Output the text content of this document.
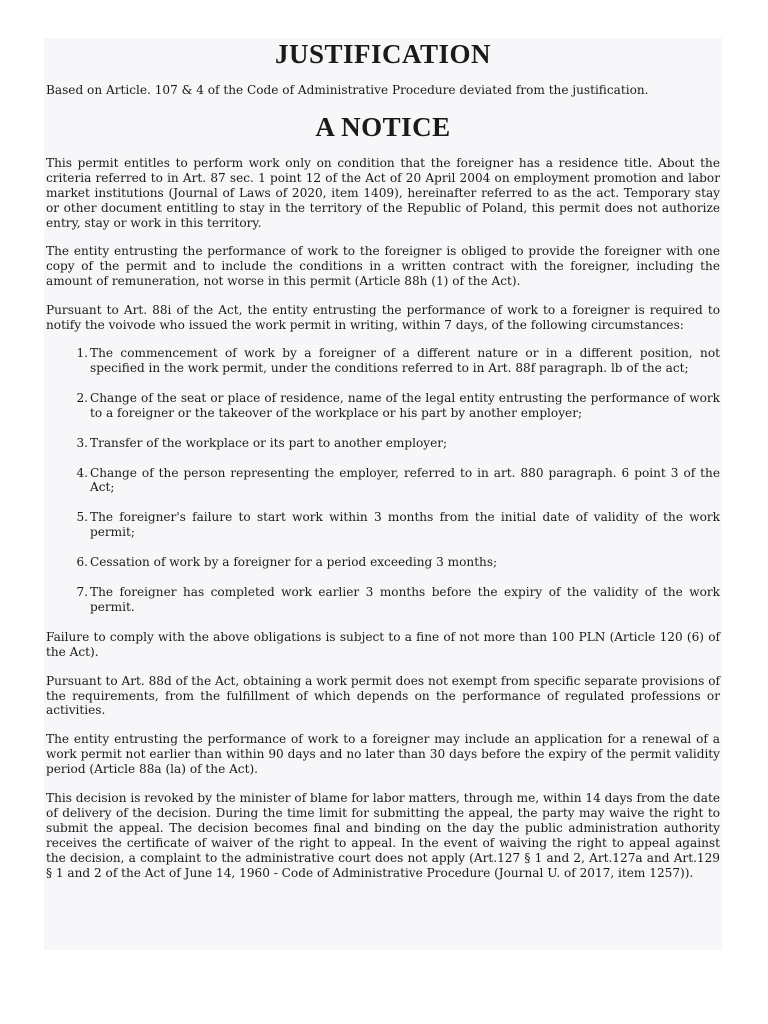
JUSTIFICATION

Based on Article. 107 & 4 of the Code of Administrative Procedure deviated from the justification.

A NOTICE

This permit entitles to perform work only on condition that the foreigner has a residence title. About the criteria referred to in Art. 87 sec. 1 point 12 of the Act of 20 April 2004 on employment promotion and labor market institutions (Journal of Laws of 2020, item 1409), hereinafter referred to as the act. Temporary stay or other document entitling to stay in the territory of the Republic of Poland, this permit does not authorize entry, stay or work in this territory.

The entity entrusting the performance of work to the foreigner is obliged to provide the foreigner with one copy of the permit and to include the conditions in a written contract with the foreigner, including the amount of remuneration, not worse in this permit (Article 88h (1) of the Act).

Pursuant to Art. 88i of the Act, the entity entrusting the performance of work to a foreigner is required to notify the voivode who issued the work permit in writing, within 7 days, of the following circumstances:

1. The commencement of work by a foreigner of a different nature or in a different position, not specified in the work permit, under the conditions referred to in Art. 88f paragraph. lb of the act;
2. Change of the seat or place of residence, name of the legal entity entrusting the performance of work to a foreigner or the takeover of the workplace or his part by another employer;
3. Transfer of the workplace or its part to another employer;
4. Change of the person representing the employer, referred to in art. 880 paragraph. 6 point 3 of the Act;
5. The foreigner's failure to start work within 3 months from the initial date of validity of the work permit;
6. Cessation of work by a foreigner for a period exceeding 3 months;
7. The foreigner has completed work earlier 3 months before the expiry of the validity of the work permit.

Failure to comply with the above obligations is subject to a fine of not more than 100 PLN (Article 120 (6) of the Act).

Pursuant to Art. 88d of the Act, obtaining a work permit does not exempt from specific separate provisions of the requirements, from the fulfillment of which depends on the performance of regulated professions or activities.

The entity entrusting the performance of work to a foreigner may include an application for a renewal of a work permit not earlier than within 90 days and no later than 30 days before the expiry of the permit validity period (Article 88a (la) of the Act).

This decision is revoked by the minister of blame for labor matters, through me, within 14 days from the date of delivery of the decision. During the time limit for submitting the appeal, the party may waive the right to submit the appeal. The decision becomes final and binding on the day the public administration authority receives the certificate of waiver of the right to appeal. In the event of waiving the right to appeal against the decision, a complaint to the administrative court does not apply (Art.127 § 1 and 2, Art.127a and Art.129 § 1 and 2 of the Act of June 14, 1960 - Code of Administrative Procedure (Journal U. of 2017, item 1257)).
